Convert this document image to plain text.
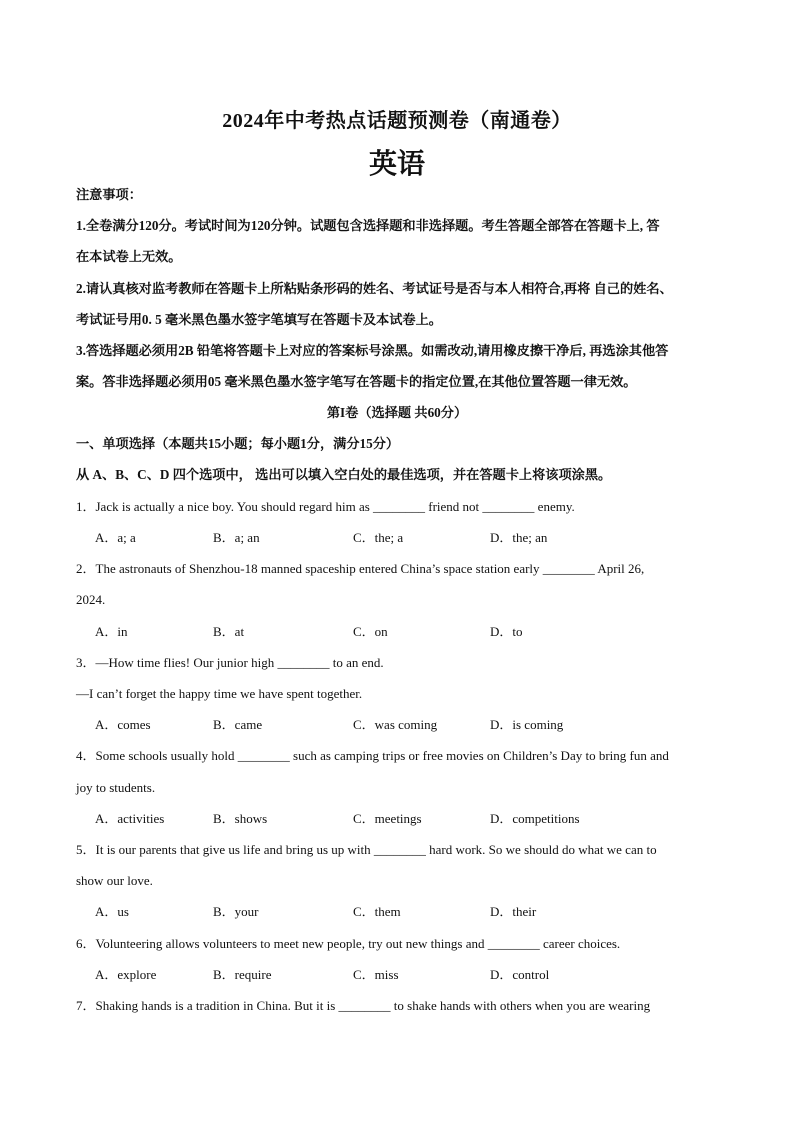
2024年中考热点话题预测卷（南通卷）
英语
注意事项：
1.全卷满分120分。考试时间为120分钟。试题包含选择题和非选择题。考生答题全部答在答题卡上, 答
在本试卷上无效。
2.请认真核对监考教师在答题卡上所粘贴条形码的姓名、考试证号是否与本人相符合,再将 自己的姓名、
考试证号用0. 5 毫米黑色墨水签字笔填写在答题卡及本试卷上。
3.答选择题必须用2B 铅笔将答题卡上对应的答案标号涂黑。如需改动,请用橡皮擦干净后, 再选涂其他答
案。答非选择题必须用05 毫米黑色墨水签字笔写在答题卡的指定位置,在其他位置答题一律无效。
第I卷（选择题 共60分）
一、单项选择（本题共15小题；每小题1分，满分15分）
从 A、B、C、D 四个选项中， 选出可以填入空白处的最佳选项，并在答题卡上将该项涂黑。
1．Jack is actually a nice boy. You should regard him as ________ friend not ________ enemy.
A．a; a	B．a; an	C．the; a	D．the; an
2．The astronauts of Shenzhou-18 manned spaceship entered China’s space station early ________ April 26,
2024.
A．in	B．at	C．on	D．to
3．—How time flies! Our junior high ________ to an end.
—I can’t forget the happy time we have spent together.
A．comes	B．came	C．was coming	D．is coming
4．Some schools usually hold ________ such as camping trips or free movies on Children’s Day to bring fun and
joy to students.
A．activities	B．shows	C．meetings	D．competitions
5．It is our parents that give us life and bring us up with ________ hard work. So we should do what we can to
show our love.
A．us	B．your	C．them	D．their
6．Volunteering allows volunteers to meet new people, try out new things and ________ career choices.
A．explore	B．require	C．miss	D．control
7．Shaking hands is a tradition in China. But it is ________ to shake hands with others when you are wearing
